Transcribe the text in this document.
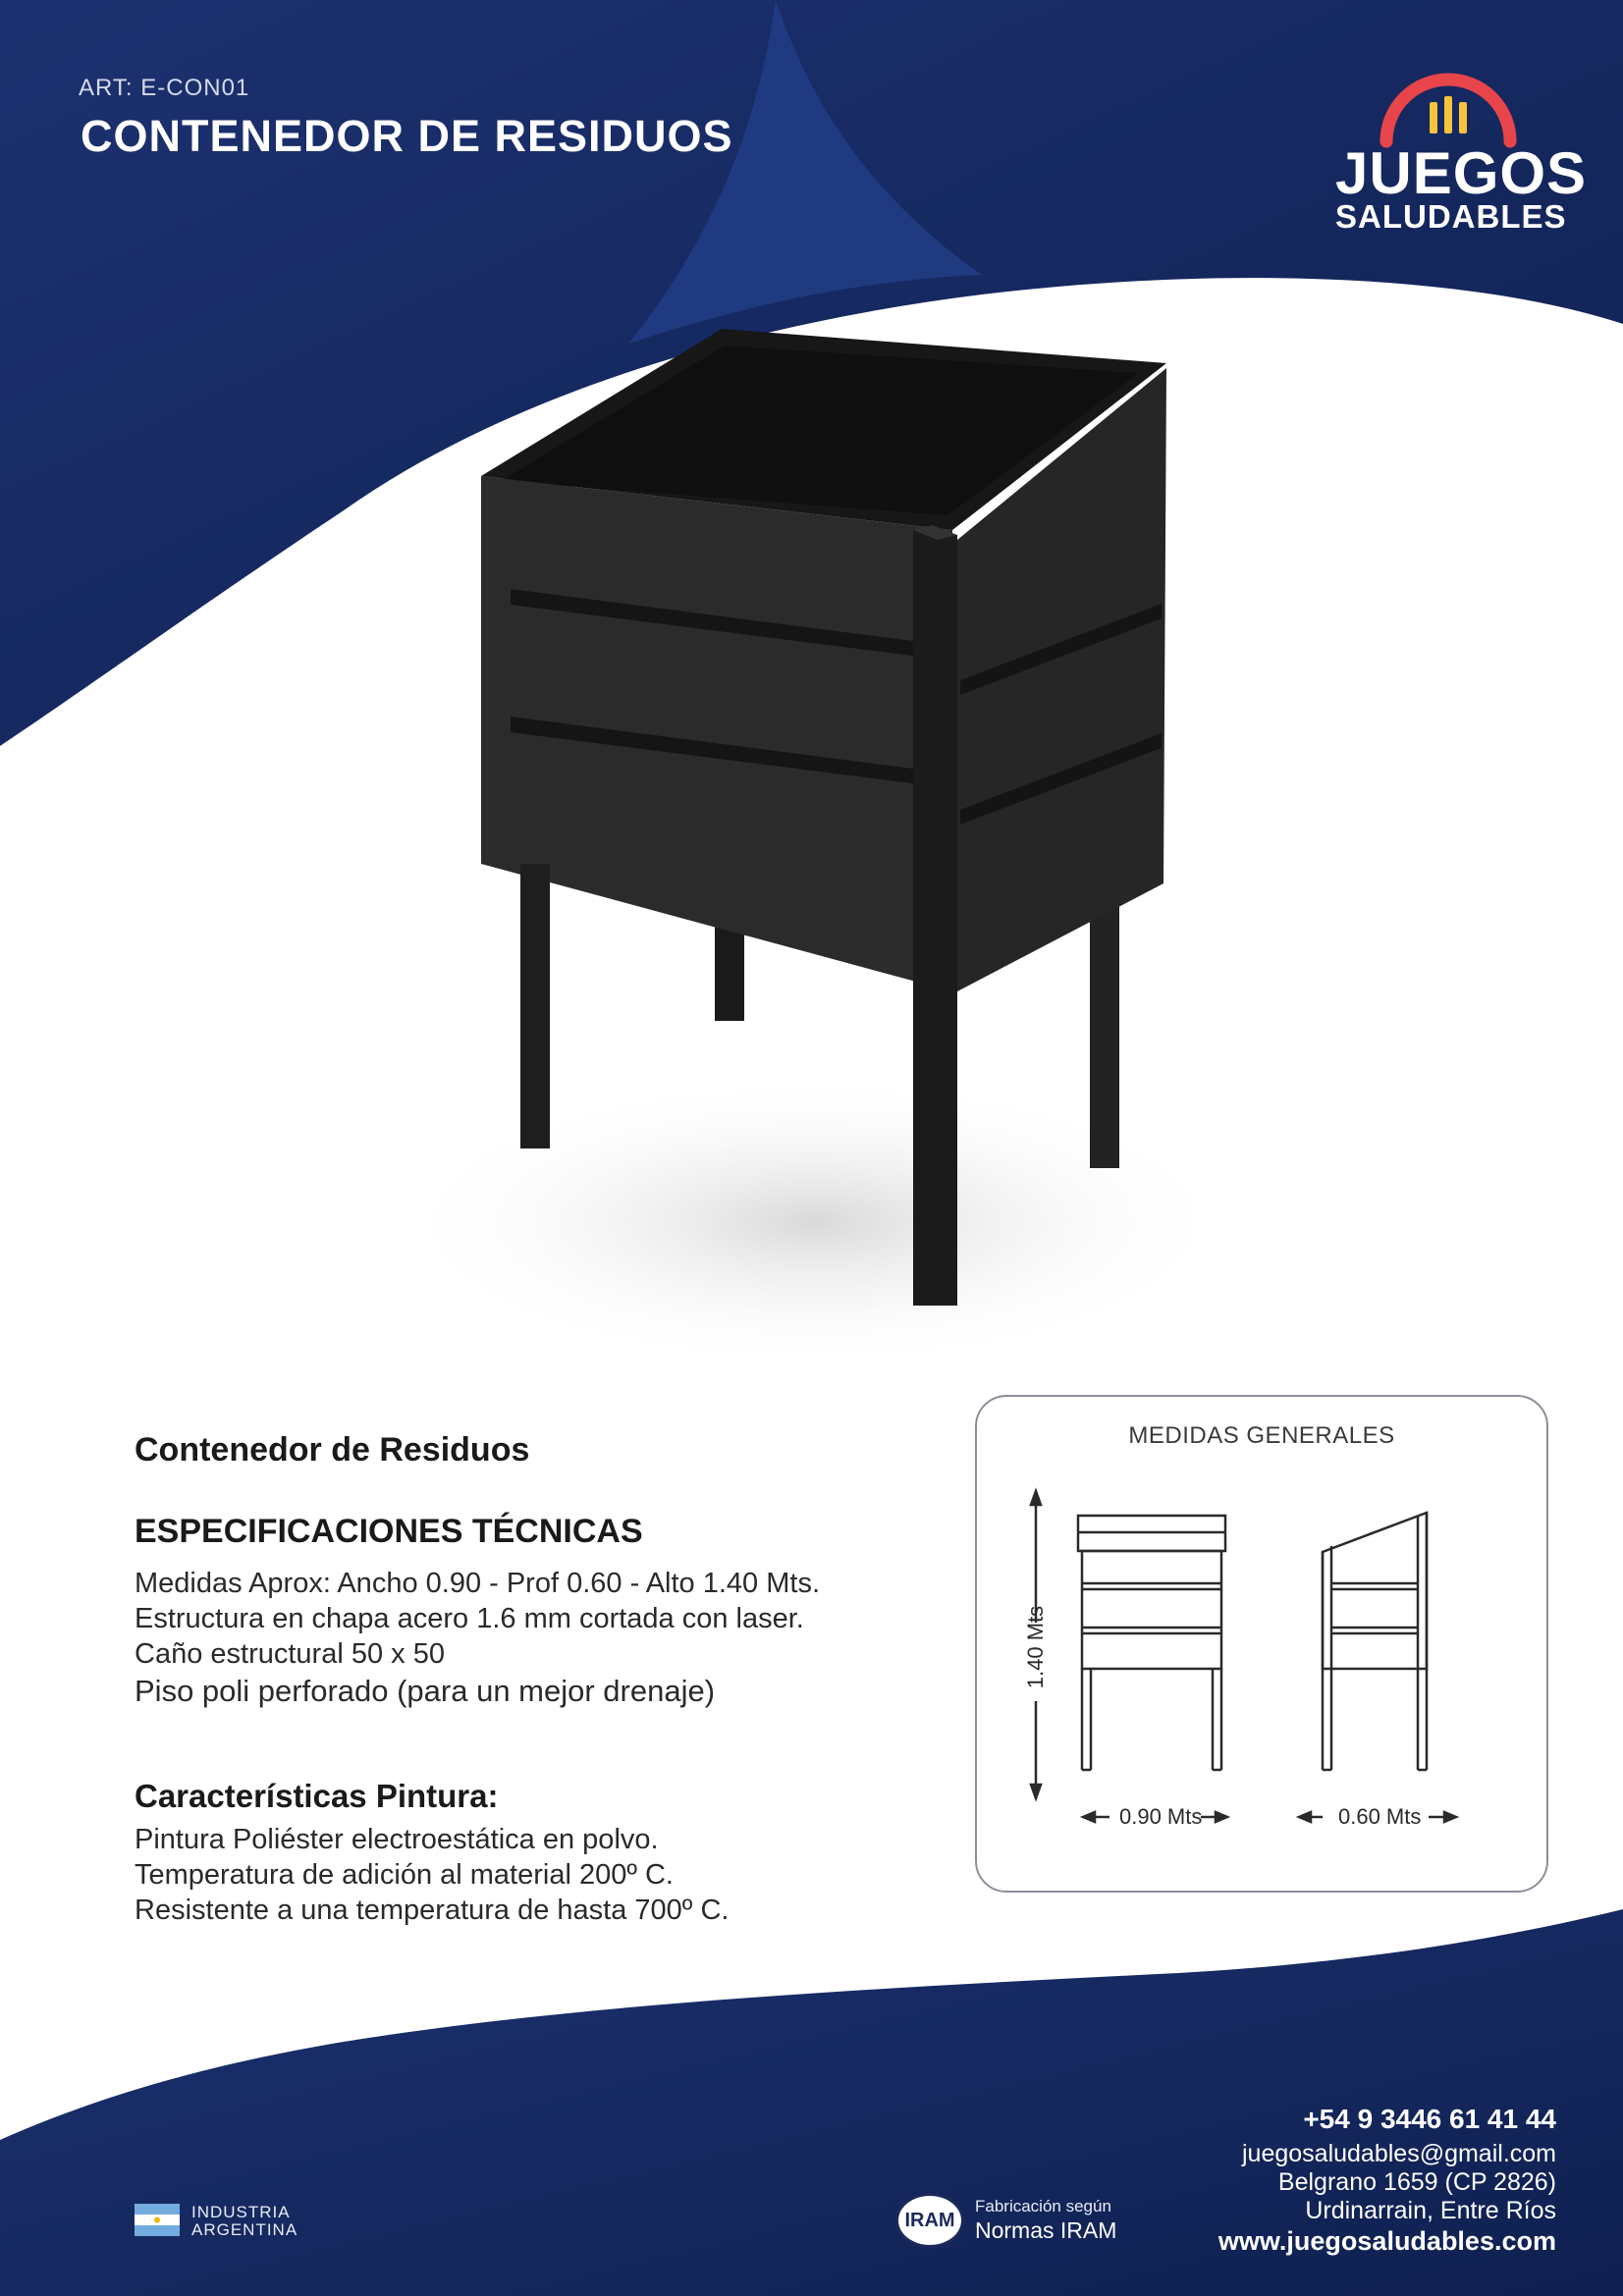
ART: E-CON01
CONTENEDOR DE RESIDUOS
JUEGOS
SALUDABLES
Contenedor de Residuos
ESPECIFICACIONES TÉCNICAS
Medidas Aprox: Ancho 0.90 - Prof 0.60 - Alto 1.40 Mts.
Estructura en chapa acero 1.6 mm cortada con laser.
Caño estructural 50 x 50
Piso poli perforado (para un mejor drenaje)
Características Pintura:
Pintura Poliéster electroestática en polvo.
Temperatura de adición al material 200º C.
Resistente a una temperatura de hasta 700º C.
MEDIDAS GENERALES
0.90 Mts	0.60 Mts
1.40 Mts
+54 9 3446 61 41 44
juegosaludables@gmail.com
Belgrano 1659 (CP 2826)
Urdinarrain, Entre Ríos
www.juegosaludables.com
INDUSTRIA
ARGENTINA	IRAM
Fabricación según
Normas IRAM
